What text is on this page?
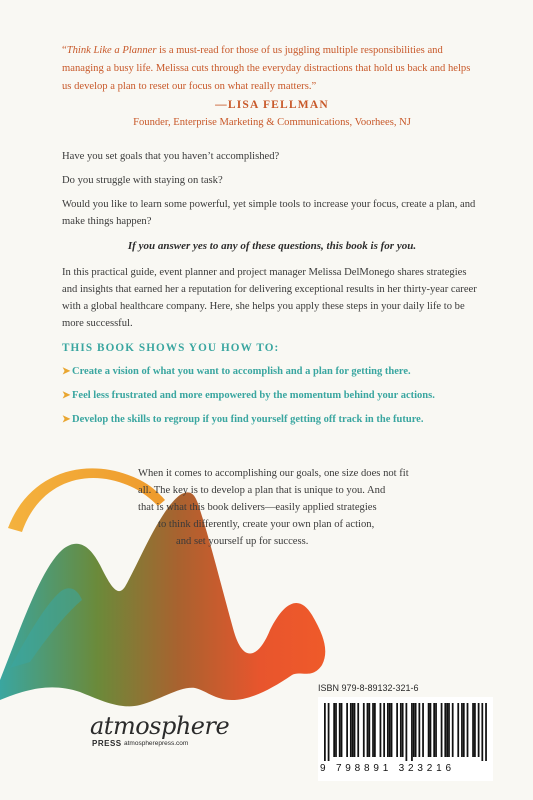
“Think Like a Planner is a must-read for those of us juggling multiple responsibilities and managing a busy life. Melissa cuts through the everyday distractions that hold us back and helps us develop a plan to reset our focus on what really matters.”
—LISA FELLMAN
Founder, Enterprise Marketing & Communications, Voorhees, NJ
Have you set goals that you haven’t accomplished?
Do you struggle with staying on task?
Would you like to learn some powerful, yet simple tools to increase your focus, create a plan, and make things happen?
If you answer yes to any of these questions, this book is for you.
In this practical guide, event planner and project manager Melissa DelMonego shares strategies and insights that earned her a reputation for delivering exceptional results in her thirty-year career with a global healthcare company. Here, she helps you apply these steps in your daily life to be more successful.
THIS BOOK SHOWS YOU HOW TO:
➤ Create a vision of what you want to accomplish and a plan for getting there.
➤ Feel less frustrated and more empowered by the momentum behind your actions.
➤ Develop the skills to regroup if you find yourself getting off track in the future.
When it comes to accomplishing our goals, one size does not fit
all. The key is to develop a plan that is unique to you. And
that is what this book delivers—easily applied strategies
to think differently, create your own plan of action,
and set yourself up for success.
atmosphere
PRESS atmospherepress.com
ISBN 979-8-89132-321-6
9 798891 323216
